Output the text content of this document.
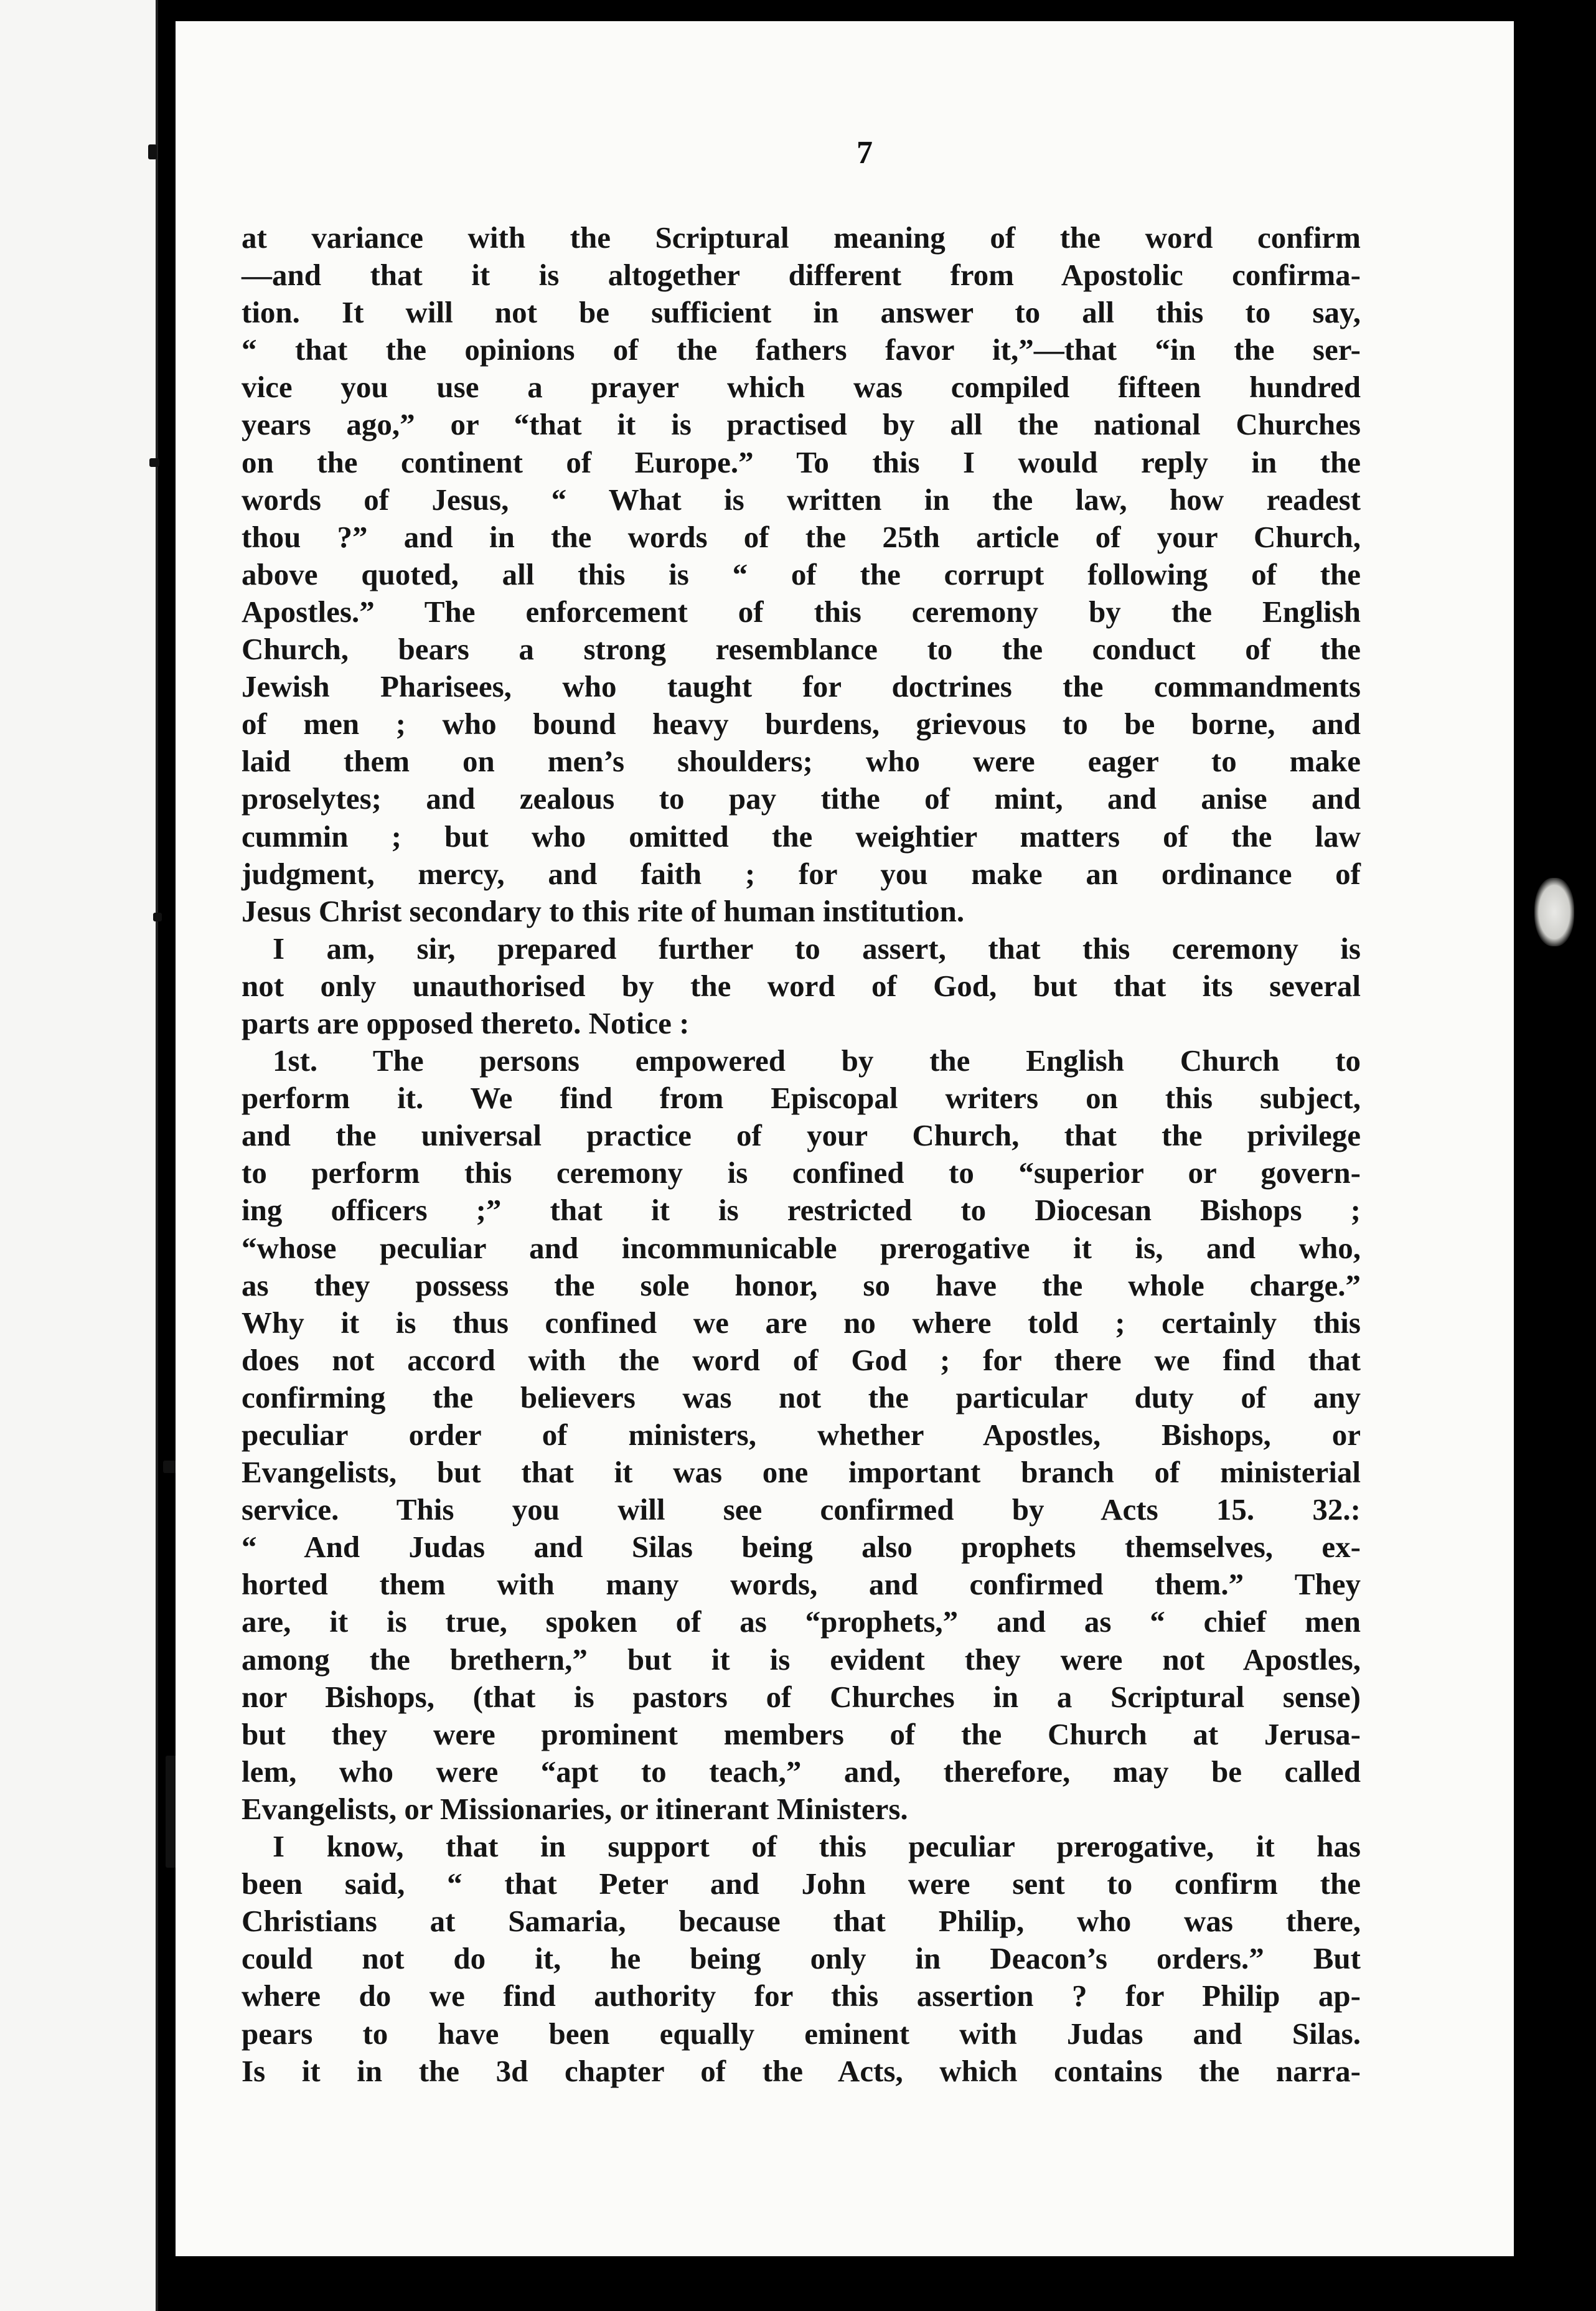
7
at variance with the Scriptural meaning of the word confirm
—and that it is altogether different from Apostolic confirma-
tion. It will not be sufficient in answer to all this to say,
“ that the opinions of the fathers favor it,”—that “in the ser-
vice you use a prayer which was compiled fifteen hundred
years ago,” or “that it is practised by all the national Churches
on the continent of Europe.” To this I would reply in the
words of Jesus, “ What is written in the law, how readest
thou ?” and in the words of the 25th article of your Church,
above quoted, all this is “ of the corrupt following of the
Apostles.” The enforcement of this ceremony by the English
Church, bears a strong resemblance to the conduct of the
Jewish Pharisees, who taught for doctrines the commandments
of men ; who bound heavy burdens, grievous to be borne, and
laid them on men’s shoulders; who were eager to make
proselytes; and zealous to pay tithe of mint, and anise and
cummin ; but who omitted the weightier matters of the law
judgment, mercy, and faith ; for you make an ordinance of
Jesus Christ secondary to this rite of human institution.
I am, sir, prepared further to assert, that this ceremony is
not only unauthorised by the word of God, but that its several
parts are opposed thereto. Notice :
1st. The persons empowered by the English Church to
perform it. We find from Episcopal writers on this subject,
and the universal practice of your Church, that the privilege
to perform this ceremony is confined to “superior or govern-
ing officers ;” that it is restricted to Diocesan Bishops ;
“whose peculiar and incommunicable prerogative it is, and who,
as they possess the sole honor, so have the whole charge.”
Why it is thus confined we are no where told ; certainly this
does not accord with the word of God ; for there we find that
confirming the believers was not the particular duty of any
peculiar order of ministers, whether Apostles, Bishops, or
Evangelists, but that it was one important branch of ministerial
service. This you will see confirmed by Acts 15. 32.:
“ And Judas and Silas being also prophets themselves, ex-
horted them with many words, and confirmed them.” They
are, it is true, spoken of as “prophets,” and as “ chief men
among the brethern,” but it is evident they were not Apostles,
nor Bishops, (that is pastors of Churches in a Scriptural sense)
but they were prominent members of the Church at Jerusa-
lem, who were “apt to teach,” and, therefore, may be called
Evangelists, or Missionaries, or itinerant Ministers.
I know, that in support of this peculiar prerogative, it has
been said, “ that Peter and John were sent to confirm the
Christians at Samaria, because that Philip, who was there,
could not do it, he being only in Deacon’s orders.” But
where do we find authority for this assertion ? for Philip ap-
pears to have been equally eminent with Judas and Silas.
Is it in the 3d chapter of the Acts, which contains the narra-
